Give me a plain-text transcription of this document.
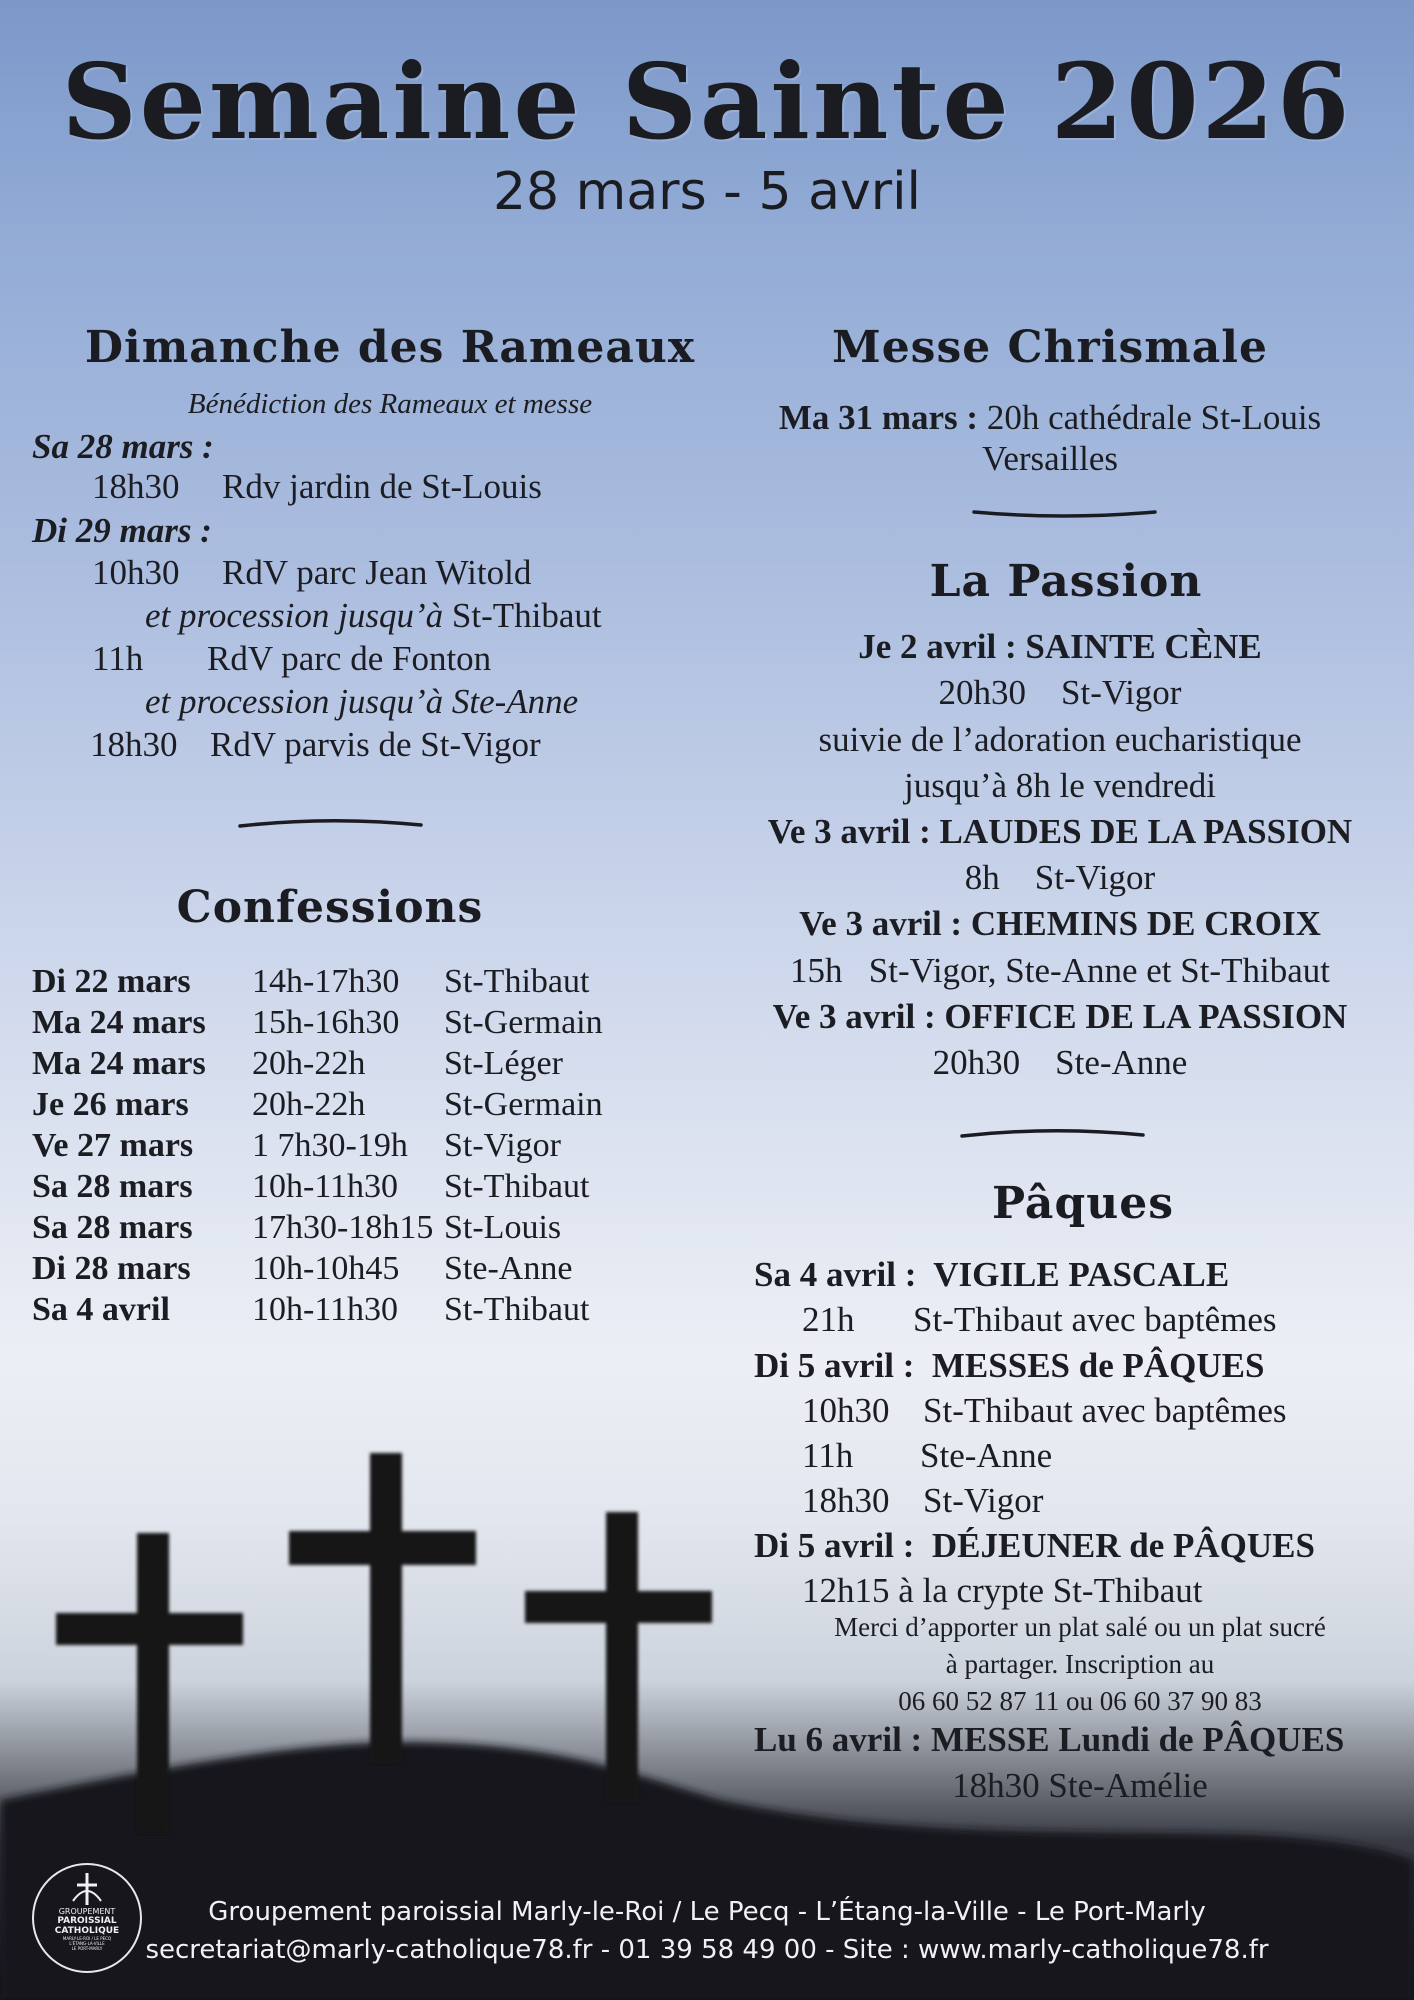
Semaine Sainte 2026
28 mars - 5 avril
Dimanche des Rameaux
Bénédiction des Rameaux et messe
Sa 28 mars :
18h30 Rdv jardin de St-Louis
Di 29 mars :
10h30 RdV parc Jean Witold
et procession jusqu’à St-Thibaut
11h RdV parc de Fonton
et procession jusqu’à Ste-Anne
18h30 RdV parvis de St-Vigor
Confessions
Di 22 mars 14h-17h30 St-Thibaut
Ma 24 mars 15h-16h30 St-Germain
Ma 24 mars 20h-22h St-Léger
Je 26 mars 20h-22h St-Germain
Ve 27 mars 1 7h30-19h St-Vigor
Sa 28 mars 10h-11h30 St-Thibaut
Sa 28 mars 17h30-18h15 St-Louis
Di 28 mars 10h-10h45 Ste-Anne
Sa 4 avril 10h-11h30 St-Thibaut
Messe Chrismale
Ma 31 mars : 20h cathédrale St-Louis
Versailles
La Passion
Je 2 avril : SAINTE CÈNE
20h30    St-Vigor
suivie de l’adoration eucharistique
jusqu’à 8h le vendredi
Ve 3 avril : LAUDES DE LA PASSION
8h    St-Vigor
Ve 3 avril : CHEMINS DE CROIX
15h   St-Vigor, Ste-Anne et St-Thibaut
Ve 3 avril : OFFICE DE LA PASSION
20h30    Ste-Anne
Pâques
Sa 4 avril :  VIGILE PASCALE
21h St-Thibaut avec baptêmes
Di 5 avril :  MESSES de PÂQUES
10h30 St-Thibaut avec baptêmes
11h Ste-Anne
18h30 St-Vigor
Di 5 avril :  DÉJEUNER de PÂQUES
12h15 à la crypte St-Thibaut
Merci d’apporter un plat salé ou un plat sucré
à partager. Inscription au
06 60 52 87 11 ou 06 60 37 90 83
Lu 6 avril : MESSE Lundi de PÂQUES
18h30 Ste-Amélie
GROUPEMENT
PAROISSIAL
CATHOLIQUE
MARLY-LE-ROI / LE PECQ
L'ÉTANG-LA-VILLE
LE PORT-MARLY
Groupement paroissial Marly-le-Roi / Le Pecq - L’Étang-la-Ville - Le Port-Marly
secretariat@marly-catholique78.fr - 01 39 58 49 00 - Site : www.marly-catholique78.fr
